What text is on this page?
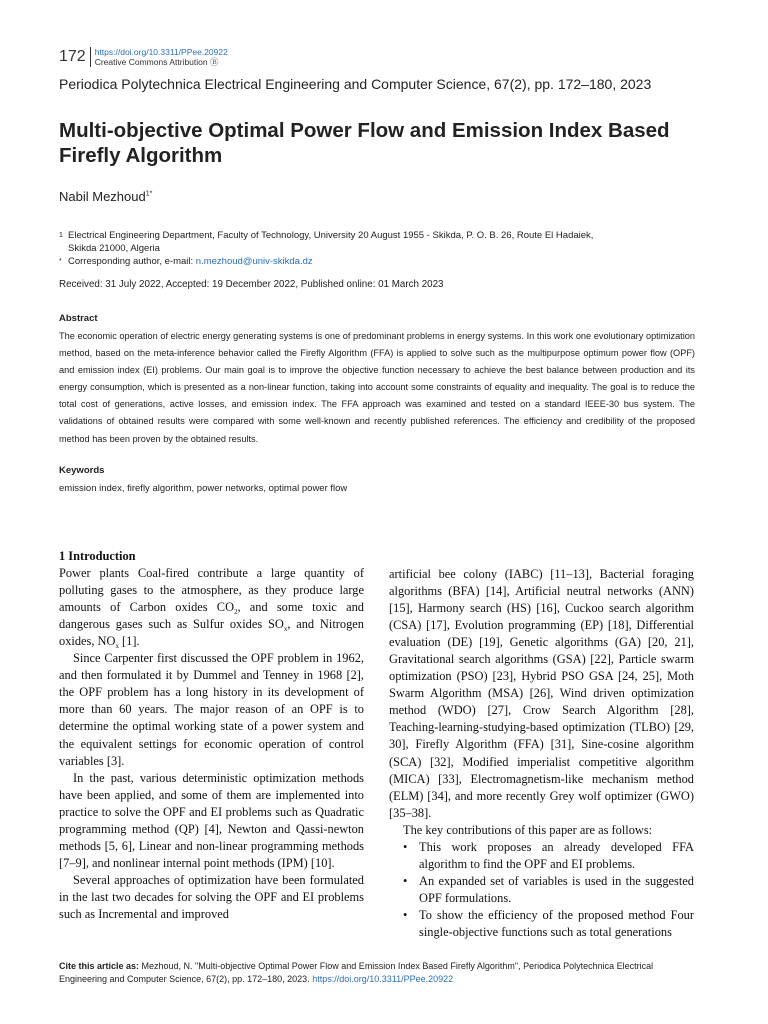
172	https://doi.org/10.3311/PPee.20922
Creative Commons Attribution Ⓑ
Periodica Polytechnica Electrical Engineering and Computer Science, 67(2), pp. 172–180, 2023
Multi-objective Optimal Power Flow and Emission Index Based Firefly Algorithm
Nabil Mezhoud$^{1*}$
1 Electrical Engineering Department, Faculty of Technology, University 20 August 1955 - Skikda, P. O. B. 26, Route El Hadaiek,
Skikda 21000, Algeria
* Corresponding author, e-mail: n.mezhoud@univ-skikda.dz
Received: 31 July 2022, Accepted: 19 December 2022, Published online: 01 March 2023
Abstract

The economic operation of electric energy generating systems is one of predominant problems in energy systems. In this work one evolutionary optimization method, based on the meta-inference behavior called the Firefly Algorithm (FFA) is applied to solve such as the multipurpose optimum power flow (OPF) and emission index (EI) problems. Our main goal is to improve the objective function necessary to achieve the best balance between production and its energy consumption, which is presented as a non-linear function, taking into account some constraints of equality and inequality. The goal is to reduce the total cost of generations, active losses, and emission index. The FFA approach was examined and tested on a standard IEEE-30 bus system. The validations of obtained results were compared with some well-known and recently published references. The efficiency and credibility of the proposed method has been proven by the obtained results.

Keywords
emission index, firefly algorithm, power networks, optimal power flow
1 Introduction

Power plants Coal-fired contribute a large quantity of polluting gases to the atmosphere, as they produce large amounts of Carbon oxides $CO_2$, and some toxic and dangerous gases such as Sulfur oxides $SO_x$, and Nitrogen oxides, $NO_x$ [1].

Since Carpenter first discussed the OPF problem in 1962, and then formulated it by Dummel and Tenney in 1968 [2], the OPF problem has a long history in its development of more than 60 years. The major reason of an OPF is to determine the optimal working state of a power system and the equivalent settings for economic operation of control variables [3].

In the past, various deterministic optimization methods have been applied, and some of them are implemented into practice to solve the OPF and EI problems such as Quadratic programming method (QP) [4], Newton and Qassi-newton methods [5, 6], Linear and non-linear programming methods [7–9], and nonlinear internal point methods (IPM) [10].

Several approaches of optimization have been formulated in the last two decades for solving the OPF and EI problems such as Incremental and improved

artificial bee colony (IABC) [11–13], Bacterial foraging algorithms (BFA) [14], Artificial neutral networks (ANN) [15], Harmony search (HS) [16], Cuckoo search algorithm (CSA) [17], Evolution programming (EP) [18], Differential evaluation (DE) [19], Genetic algorithms (GA) [20, 21], Gravitational search algorithms (GSA) [22], Particle swarm optimization (PSO) [23], Hybrid PSO GSA [24, 25], Moth Swarm Algorithm (MSA) [26], Wind driven optimization method (WDO) [27], Crow Search Algorithm [28], Teaching-learning-studying-based optimization (TLBO) [29, 30], Firefly Algorithm (FFA) [31], Sine-cosine algorithm (SCA) [32], Modified imperialist competitive algorithm (MICA) [33], Electromagnetism-like mechanism method (ELM) [34], and more recently Grey wolf optimizer (GWO) [35–38].

The key contributions of this paper are as follows:

• This work proposes an already developed FFA algorithm to find the OPF and EI problems.
• An expanded set of variables is used in the suggested OPF formulations.
• To show the efficiency of the proposed method Four single-objective functions such as total generations
Cite this article as: Mezhoud, N. "Multi-objective Optimal Power Flow and Emission Index Based Firefly Algorithm", Periodica Polytechnica Electrical Engineering and Computer Science, 67(2), pp. 172–180, 2023. https://doi.org/10.3311/PPee.20922
